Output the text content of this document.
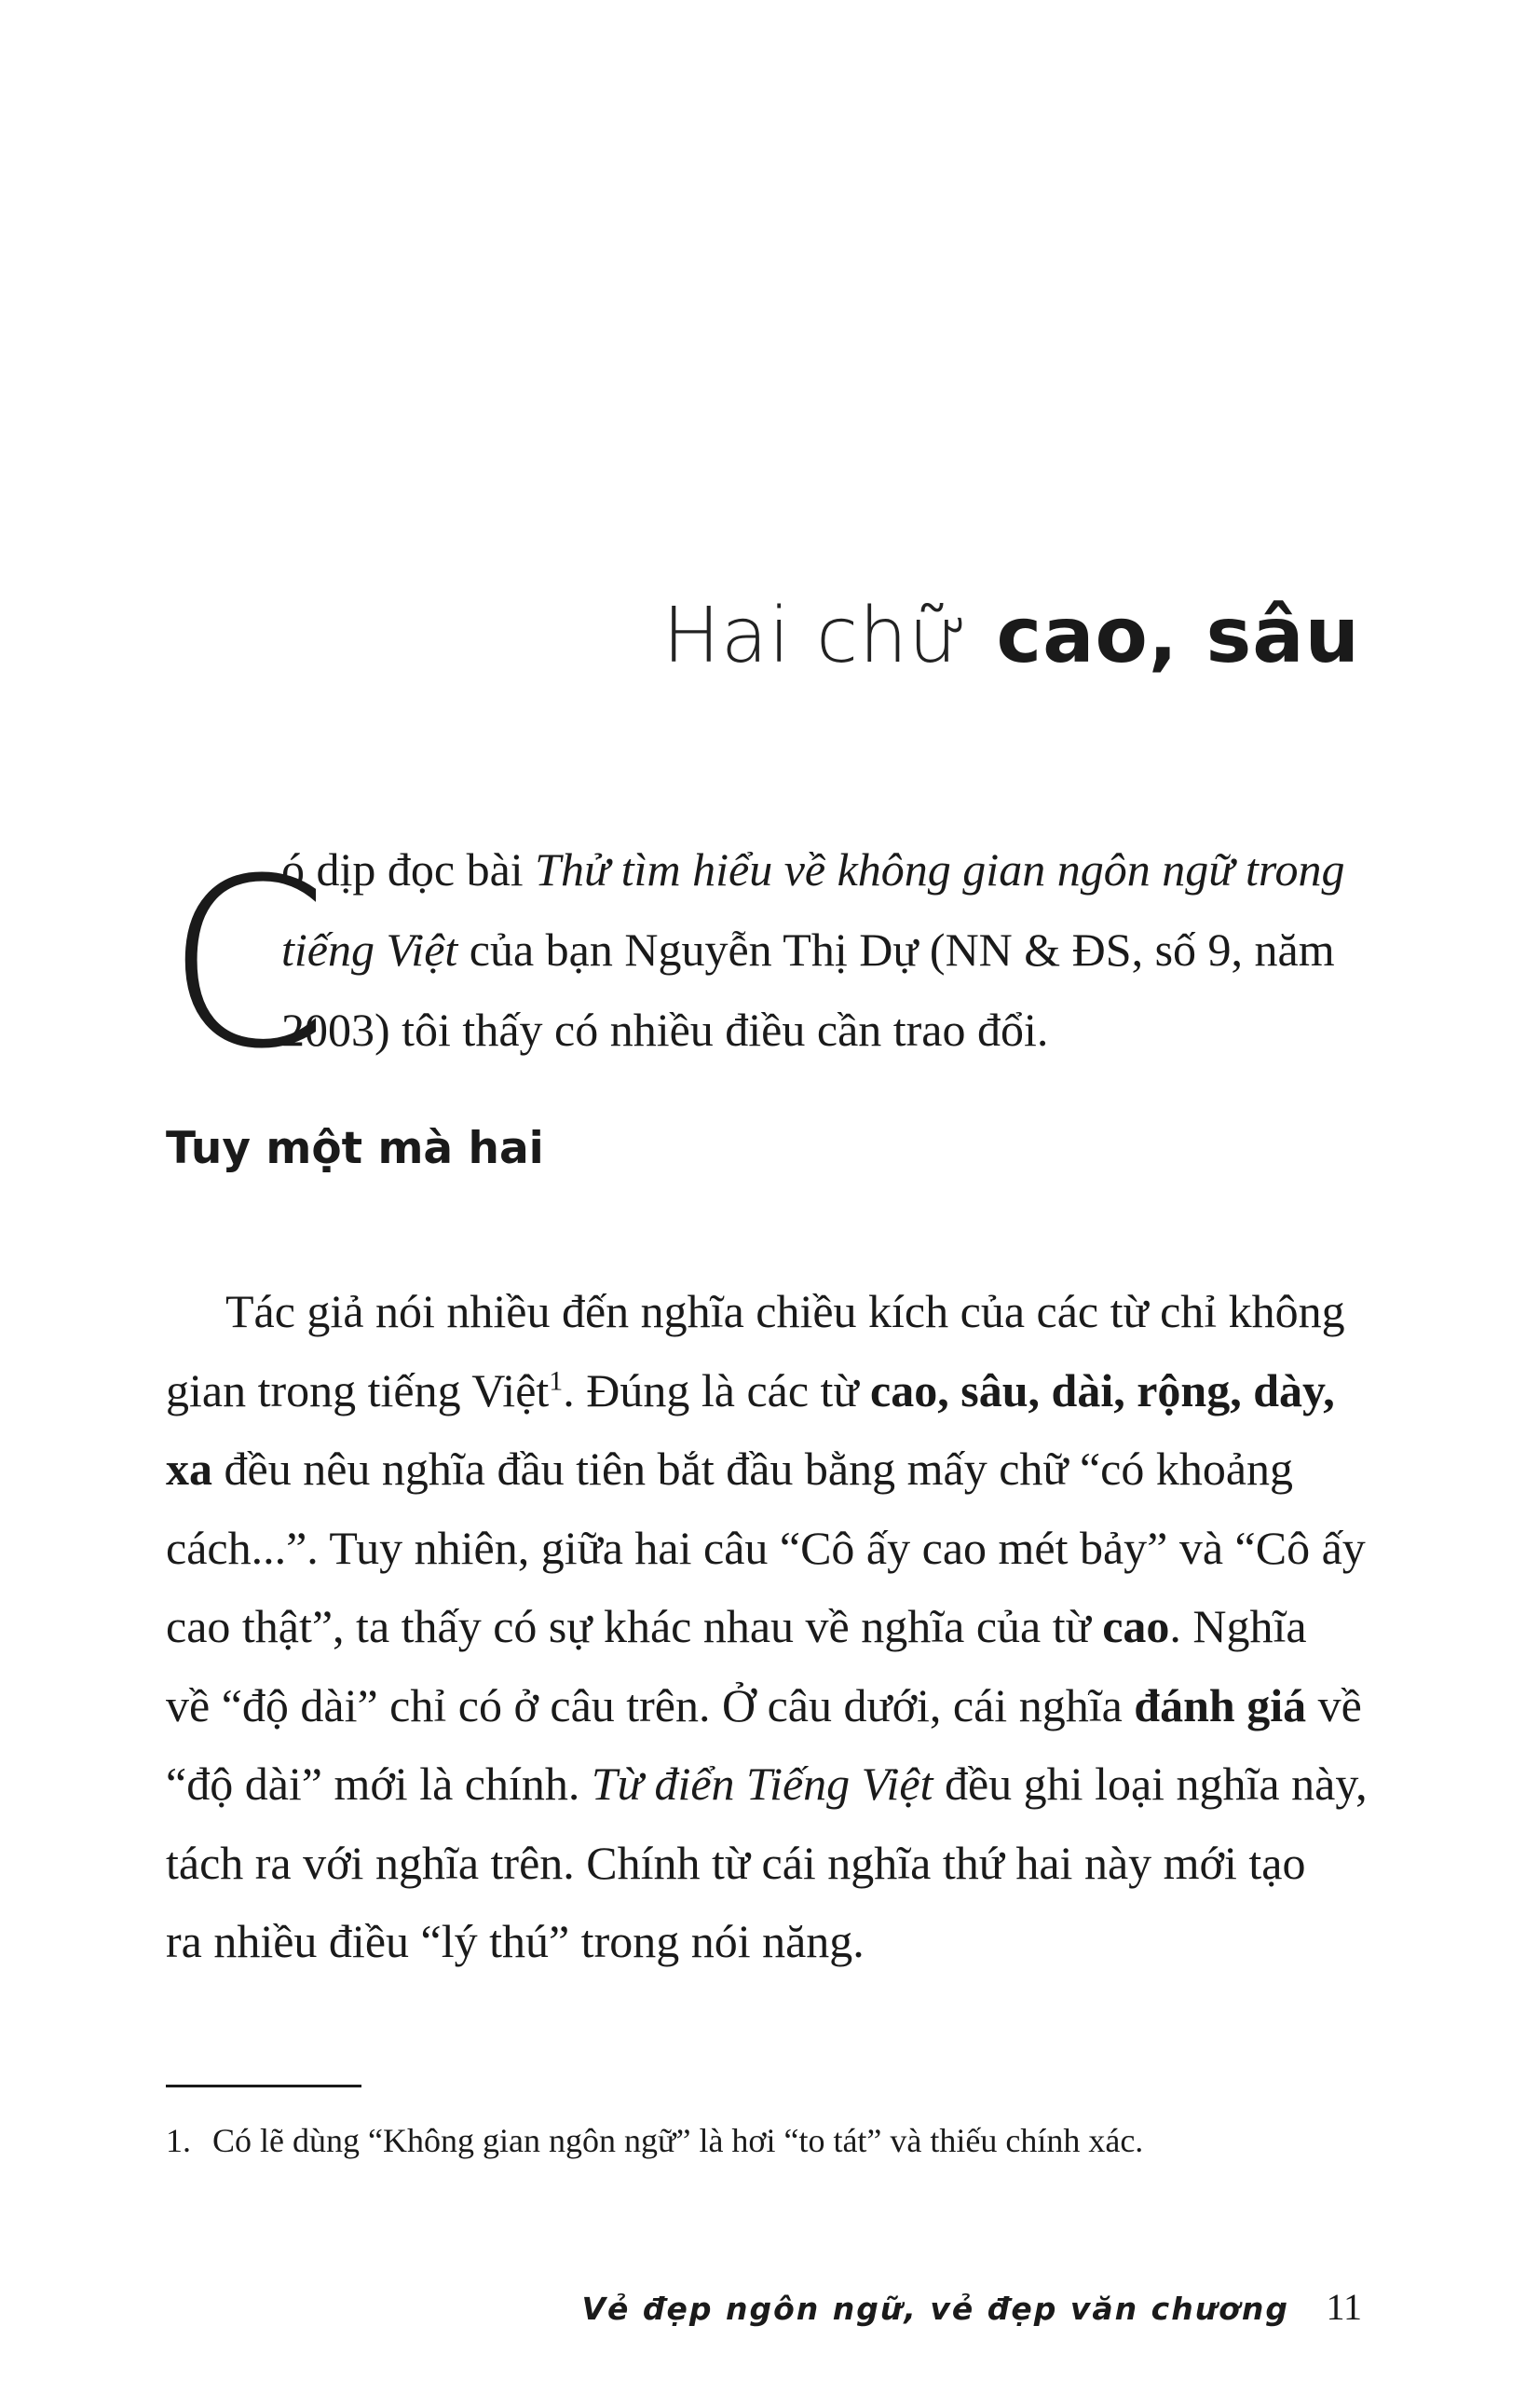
Hai chữ cao, sâu
C

ó dịp đọc bài Thử tìm hiểu về không gian ngôn ngữ trong

tiếng Việt của bạn Nguyễn Thị Dự (NN & ĐS, số 9, năm

2003) tôi thấy có nhiều điều cần trao đổi.

Tuy một mà hai

Tác giả nói nhiều đến nghĩa chiều kích của các từ chỉ không

gian trong tiếng Việt$^1$. Đúng là các từ cao, sâu, dài, rộng, dày,

xa đều nêu nghĩa đầu tiên bắt đầu bằng mấy chữ “có khoảng

cách...”. Tuy nhiên, giữa hai câu “Cô ấy cao mét bảy” và “Cô ấy

cao thật”, ta thấy có sự khác nhau về nghĩa của từ cao. Nghĩa

về “độ dài” chỉ có ở câu trên. Ở câu dưới, cái nghĩa đánh giá về

“độ dài” mới là chính. Từ điển Tiếng Việt đều ghi loại nghĩa này,

tách ra với nghĩa trên. Chính từ cái nghĩa thứ hai này mới tạo

ra nhiều điều “lý thú” trong nói năng.

1. Có lẽ dùng “Không gian ngôn ngữ” là hơi “to tát” và thiếu chính xác.
Vẻ đẹp ngôn ngữ, vẻ đẹp văn chương 11
